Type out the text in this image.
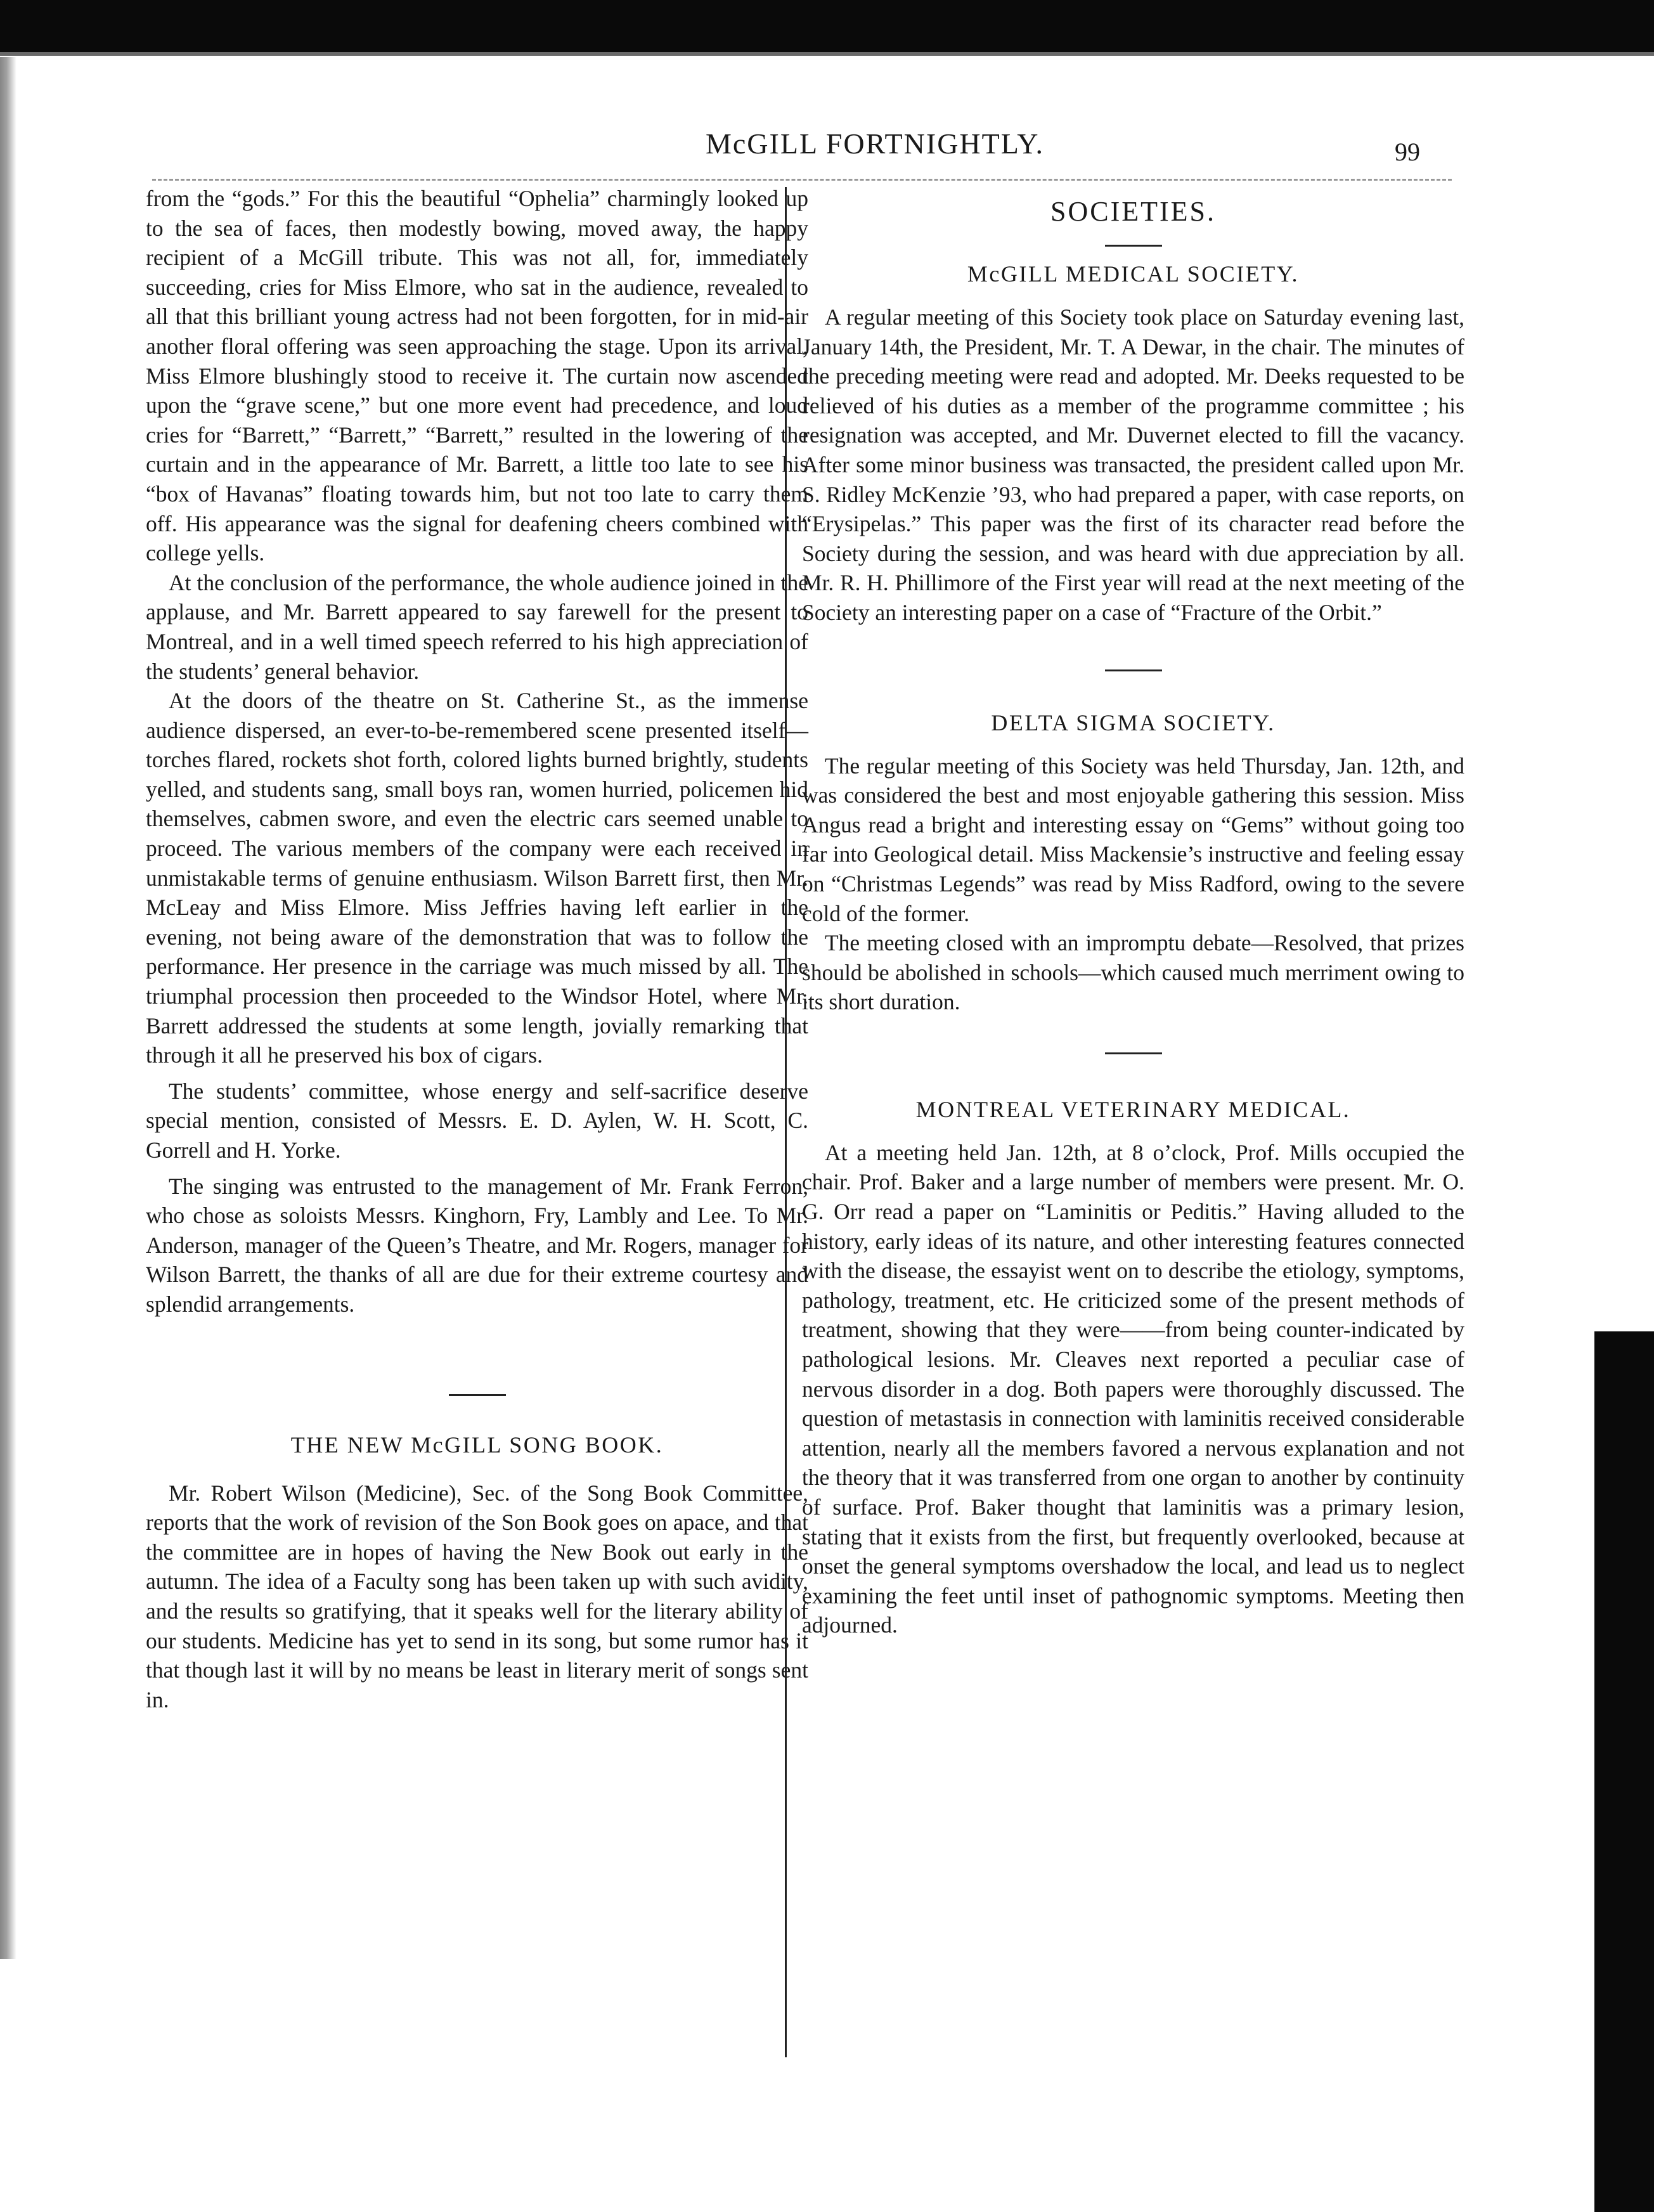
McGILL FORTNIGHTLY.	99

from the “gods.” For this the beautiful “Ophelia” charmingly looked up to the sea of faces, then modestly bowing, moved away, the happy recipient of a McGill tribute. This was not all, for, immediately succeeding, cries for Miss Elmore, who sat in the audience, revealed to all that this brilliant young actress had not been forgotten, for in mid-air another floral offering was seen approaching the stage. Upon its arrival, Miss Elmore blushingly stood to receive it. The curtain now ascended upon the “grave scene,” but one more event had precedence, and loud cries for “Barrett,” “Barrett,” “Barrett,” resulted in the lowering of the curtain and in the appearance of Mr. Barrett, a little too late to see his “box of Havanas” floating towards him, but not too late to carry them off. His appearance was the signal for deafening cheers combined with college yells.

At the conclusion of the performance, the whole audience joined in the applause, and Mr. Barrett appeared to say farewell for the present to Montreal, and in a well timed speech referred to his high appreciation of the students’ general behavior.

At the doors of the theatre on St. Catherine St., as the immense audience dispersed, an ever-to-be-remembered scene presented itself—torches flared, rockets shot forth, colored lights burned brightly, students yelled, and students sang, small boys ran, women hurried, policemen hid themselves, cabmen swore, and even the electric cars seemed unable to proceed. The various members of the company were each received in unmistakable terms of genuine enthusiasm. Wilson Barrett first, then Mr. McLeay and Miss Elmore. Miss Jeffries having left earlier in the evening, not being aware of the demonstration that was to follow the performance. Her presence in the carriage was much missed by all. The triumphal procession then proceeded to the Windsor Hotel, where Mr. Barrett addressed the students at some length, jovially remarking that through it all he preserved his box of cigars.

The students’ committee, whose energy and self-sacrifice deserve special mention, consisted of Messrs. E. D. Aylen, W. H. Scott, C. Gorrell and H. Yorke.

The singing was entrusted to the management of Mr. Frank Ferron, who chose as soloists Messrs. Kinghorn, Fry, Lambly and Lee. To Mr. Anderson, manager of the Queen’s Theatre, and Mr. Rogers, manager for Wilson Barrett, the thanks of all are due for their extreme courtesy and splendid arrangements.

THE NEW McGILL SONG BOOK.

Mr. Robert Wilson (Medicine), Sec. of the Song Book Committee, reports that the work of revision of the Son Book goes on apace, and that the committee are in hopes of having the New Book out early in the autumn. The idea of a Faculty song has been taken up with such avidity, and the results so gratifying, that it speaks well for the literary ability of our students. Medicine has yet to send in its song, but some rumor has it that though last it will by no means be least in literary merit of songs sent in.

SOCIETIES.

McGILL MEDICAL SOCIETY.

A regular meeting of this Society took place on Saturday evening last, January 14th, the President, Mr. T. A Dewar, in the chair. The minutes of the preceding meeting were read and adopted. Mr. Deeks requested to be relieved of his duties as a member of the programme committee ; his resignation was accepted, and Mr. Duvernet elected to fill the vacancy. After some minor business was transacted, the president called upon Mr. S. Ridley McKenzie ’93, who had prepared a paper, with case reports, on “Erysipelas.” This paper was the first of its character read before the Society during the session, and was heard with due appreciation by all. Mr. R. H. Phillimore of the First year will read at the next meeting of the Society an interesting paper on a case of “Fracture of the Orbit.”

DELTA SIGMA SOCIETY.

The regular meeting of this Society was held Thursday, Jan. 12th, and was considered the best and most enjoyable gathering this session. Miss Angus read a bright and interesting essay on “Gems” without going too far into Geological detail. Miss Mackensie’s instructive and feeling essay on “Christmas Legends” was read by Miss Radford, owing to the severe cold of the former.

The meeting closed with an impromptu debate—Resolved, that prizes should be abolished in schools—which caused much merriment owing to its short duration.

MONTREAL VETERINARY MEDICAL.

At a meeting held Jan. 12th, at 8 o’clock, Prof. Mills occupied the chair. Prof. Baker and a large number of members were present. Mr. O. G. Orr read a paper on “Laminitis or Peditis.” Having alluded to the history, early ideas of its nature, and other interesting features connected with the disease, the essayist went on to describe the etiology, symptoms, pathology, treatment, etc. He criticized some of the present methods of treatment, showing that they were——from being counter-indicated by pathological lesions. Mr. Cleaves next reported a peculiar case of nervous disorder in a dog. Both papers were thoroughly discussed. The question of metastasis in connection with laminitis received considerable attention, nearly all the members favored a nervous explanation and not the theory that it was transferred from one organ to another by continuity of surface. Prof. Baker thought that laminitis was a primary lesion, stating that it exists from the first, but frequently overlooked, because at onset the general symptoms overshadow the local, and lead us to neglect examining the feet until inset of pathognomic symptoms. Meeting then adjourned.
